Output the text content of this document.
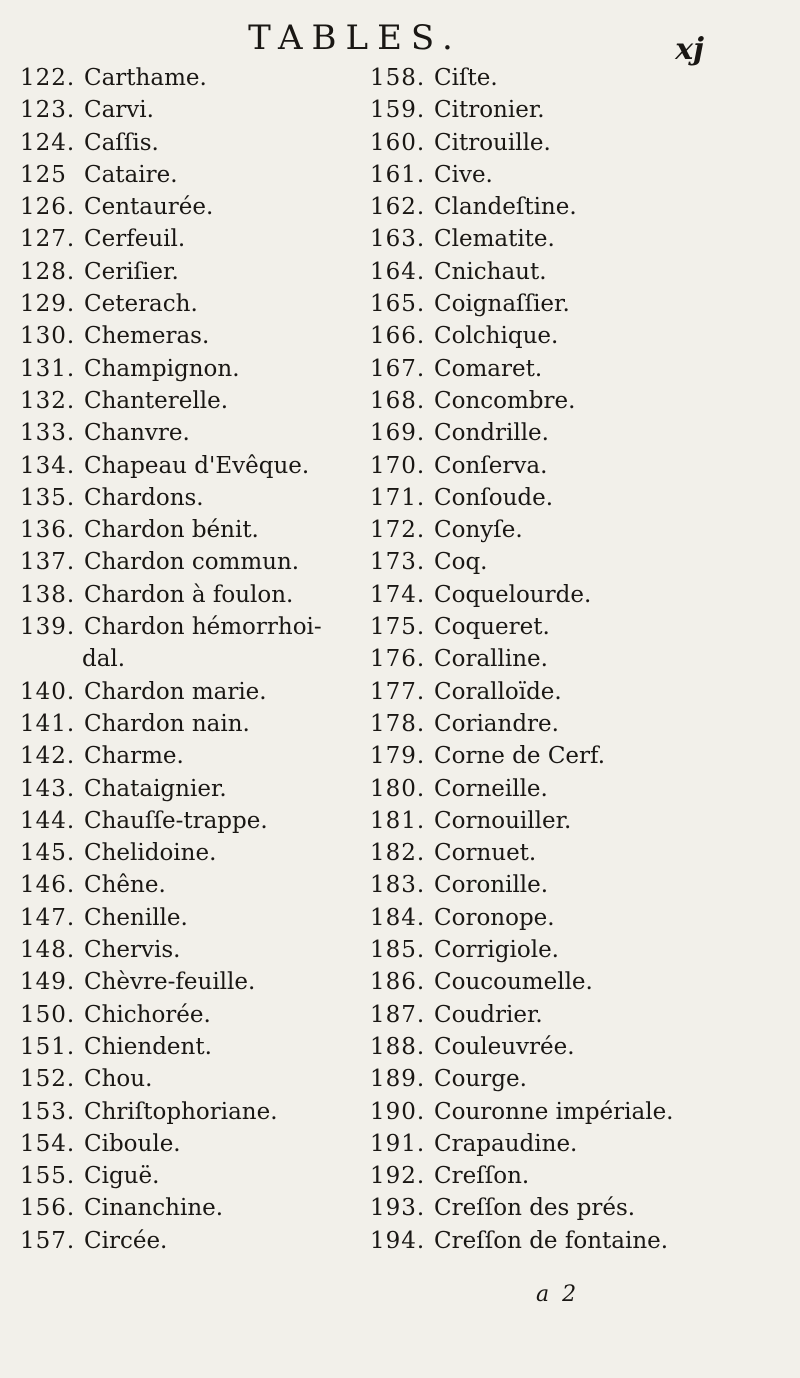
TABLES.	xj
122. Carthame.
123. Carvi.
124. Caſſis.
125 Cataire.
126. Centaurée.
127. Cerfeuil.
128. Ceriſier.
129. Ceterach.
130. Chemeras.
131. Champignon.
132. Chanterelle.
133. Chanvre.
134. Chapeau d'Evêque.
135. Chardons.
136. Chardon bénit.
137. Chardon commun.
138. Chardon à foulon.
139. Chardon hémorrhoi-
dal.
140. Chardon marie.
141. Chardon nain.
142. Charme.
143. Chataignier.
144. Chauſſe-trappe.
145. Chelidoine.
146. Chêne.
147. Chenille.
148. Chervis.
149. Chèvre-feuille.
150. Chichorée.
151. Chiendent.
152. Chou.
153. Chriſtophoriane.
154. Ciboule.
155. Ciguë.
156. Cinanchine.
157. Circée.
158. Ciſte.
159. Citronier.
160. Citrouille.
161. Cive.
162. Clandeſtine.
163. Clematite.
164. Cnichaut.
165. Coignaſſier.
166. Colchique.
167. Comaret.
168. Concombre.
169. Condrille.
170. Conſerva.
171. Conſoude.
172. Conyſe.
173. Coq.
174. Coquelourde.
175. Coqueret.
176. Coralline.
177. Coralloïde.
178. Coriandre.
179. Corne de Cerf.
180. Corneille.
181. Cornouiller.
182. Cornuet.
183. Coronille.
184. Coronope.
185. Corrigiole.
186. Coucoumelle.
187. Coudrier.
188. Couleuvrée.
189. Courge.
190. Couronne impériale.
191. Crapaudine.
192. Creſſon.
193. Creſſon des prés.
194. Creſſon de fontaine.
a 2
